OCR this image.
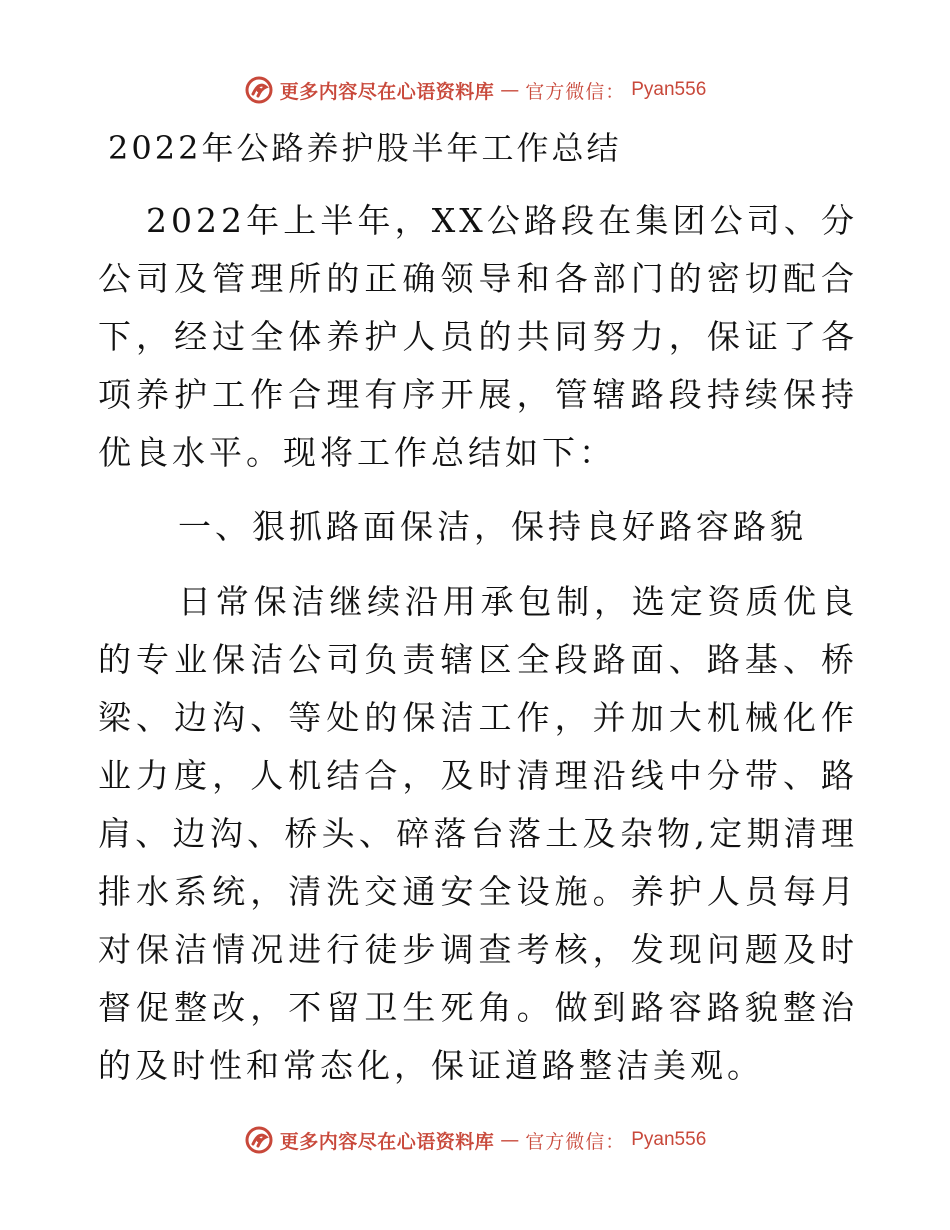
更多内容尽在心语资料库 — 官方微信： Pyan556
2022年公路养护股半年工作总结

2022年上半年，XX公路段在集团公司、分公司及管理所的正确领导和各部门的密切配合下，经过全体养护人员的共同努力，保证了各项养护工作合理有序开展，管辖路段持续保持优良水平。现将工作总结如下：

一、狠抓路面保洁，保持良好路容路貌

日常保洁继续沿用承包制，选定资质优良的专业保洁公司负责辖区全段路面、路基、桥梁、边沟、等处的保洁工作，并加大机械化作业力度，人机结合，及时清理沿线中分带、路肩、边沟、桥头、碎落台落土及杂物,定期清理排水系统，清洗交通安全设施。养护人员每月对保洁情况进行徒步调查考核，发现问题及时督促整改，不留卫生死角。做到路容路貌整治的及时性和常态化，保证道路整洁美观。

更多内容尽在心语资料库 — 官方微信： Pyan556
